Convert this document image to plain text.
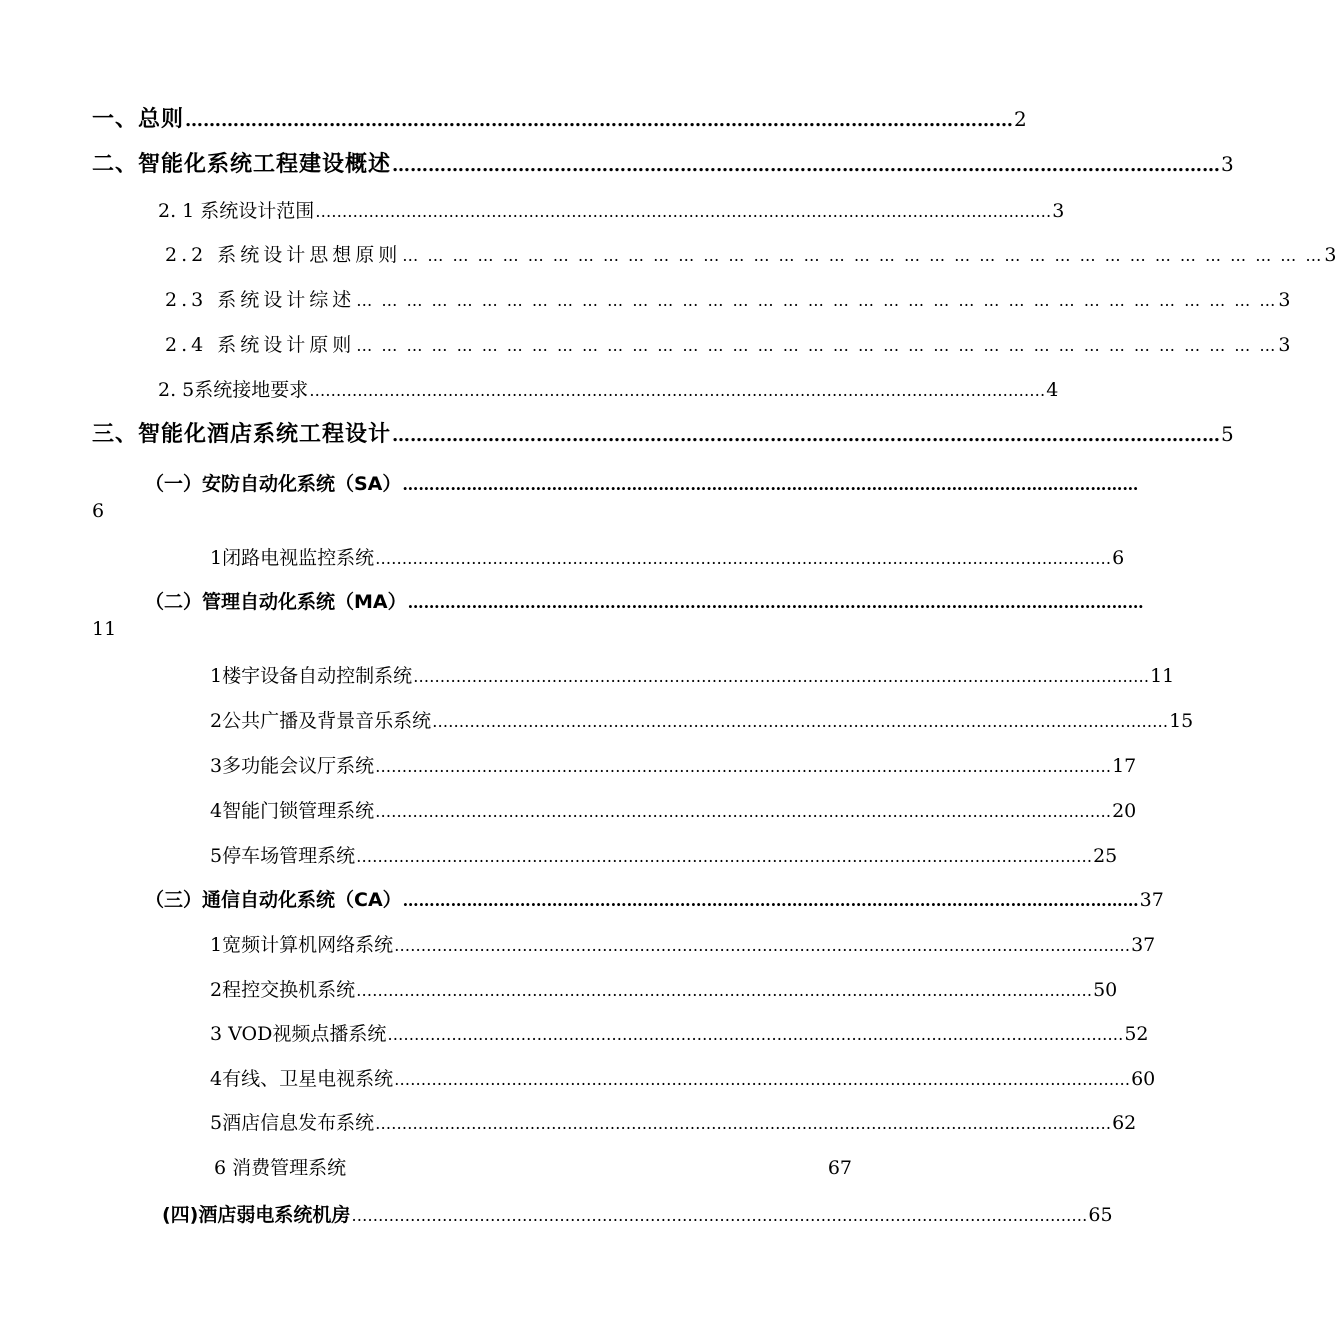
一、总则 ………………………………………………………………………………………………………………………… 2
二、智能化系统工程建设概述 ………………………………………………………………………………………………………………………… 3
2. 1 系统设计范围 ………………………………………………………………………………………………………………………… 3
2.2 系统设计思想原则 … … … … … … … … … … … … … … … … … … … … … … … … … … … … … … … … … … … … … 3
2.3 系统设计综述 … … … … … … … … … … … … … … … … … … … … … … … … … … … … … … … … … … … … … 3
2.4 系统设计原则 … … … … … … … … … … … … … … … … … … … … … … … … … … … … … … … … … … … … … 3
2. 5系统接地要求 ………………………………………………………………………………………………………………………… 4
三、智能化酒店系统工程设计 ………………………………………………………………………………………………………………………… 5
（一）安防自动化系统（SA） …………………………………………………………………………………………………………………………
6
1闭路电视监控系统 ………………………………………………………………………………………………………………………… 6
（二）管理自动化系统（MA） …………………………………………………………………………………………………………………………
11
1楼宇设备自动控制系统 ………………………………………………………………………………………………………………………… 11
2公共广播及背景音乐系统 ………………………………………………………………………………………………………………………… 15
3多功能会议厅系统 ………………………………………………………………………………………………………………………… 17
4智能门锁管理系统 ………………………………………………………………………………………………………………………… 20
5停车场管理系统 ………………………………………………………………………………………………………………………… 25
（三）通信自动化系统（CA） ………………………………………………………………………………………………………………………… 37
1宽频计算机网络系统 ………………………………………………………………………………………………………………………… 37
2程控交换机系统 ………………………………………………………………………………………………………………………… 50
3 VOD视频点播系统 ………………………………………………………………………………………………………………………… 52
4有线、卫星电视系统 ………………………………………………………………………………………………………………………… 60
5酒店信息发布系统 ………………………………………………………………………………………………………………………… 62
6 消费管理系统	67
(四)酒店弱电系统机房 ………………………………………………………………………………………………………………………… 65
